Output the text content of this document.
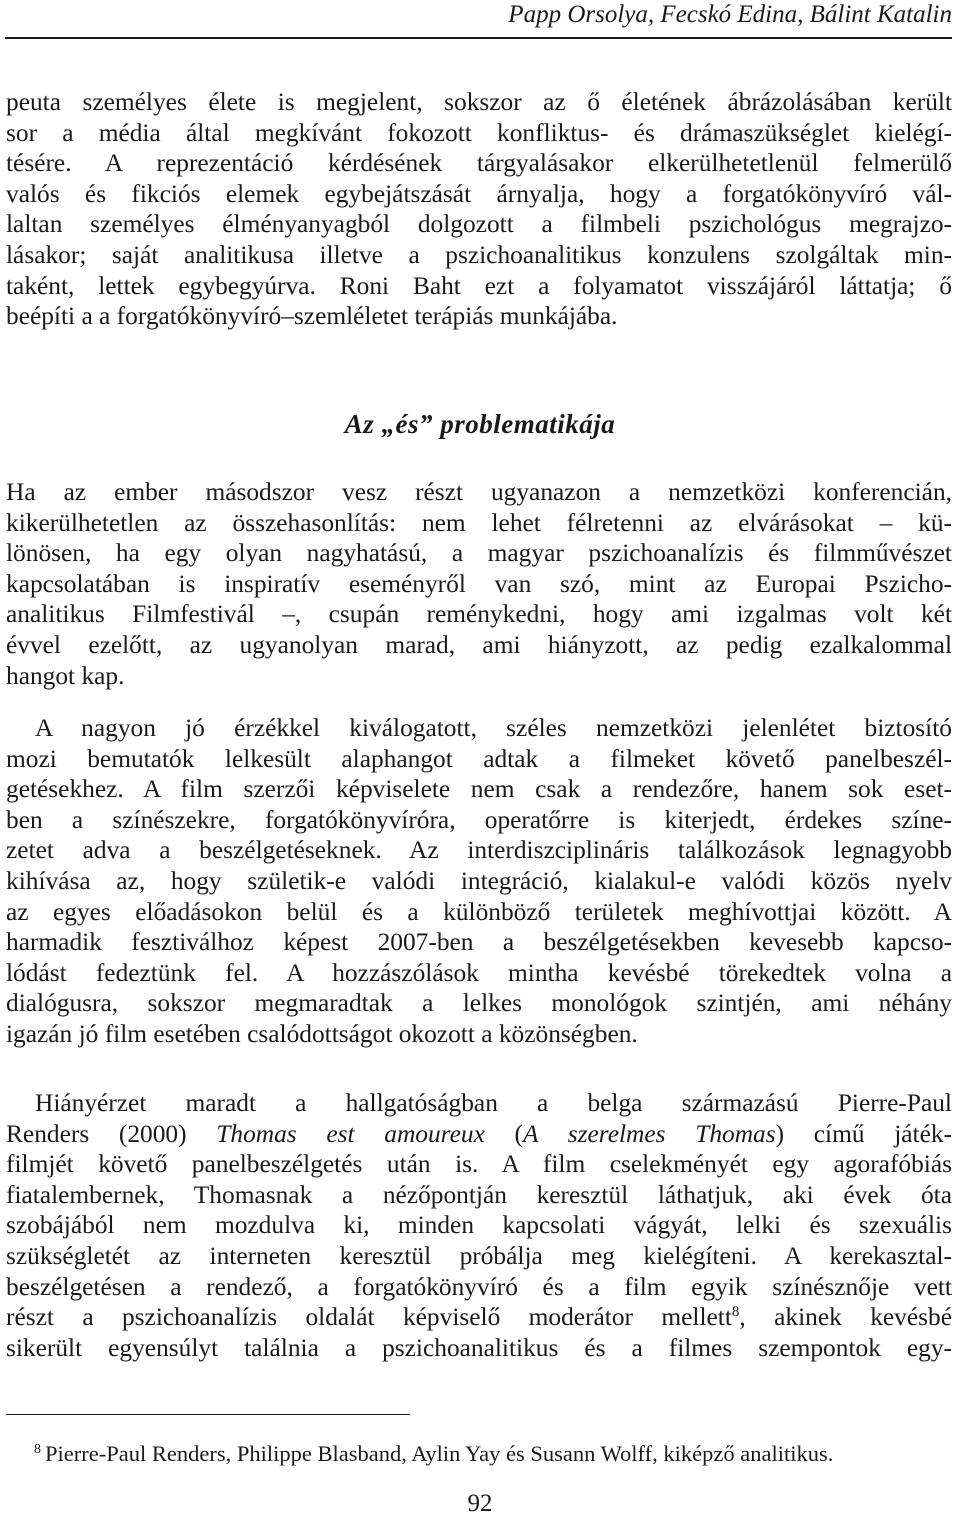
Papp Orsolya, Fecskó Edina, Bálint Katalin
peuta személyes élete is megjelent, sokszor az ő életének ábrázolásában került
sor a média által megkívánt fokozott konfliktus- és drámaszükséglet kielégí-
tésére. A reprezentáció kérdésének tárgyalásakor elkerülhetetlenül felmerülő
valós és fikciós elemek egybejátszását árnyalja, hogy a forgatókönyvíró vál-
laltan személyes élményanyagból dolgozott a filmbeli pszichológus megrajzo-
lásakor; saját analitikusa illetve a pszichoanalitikus konzulens szolgáltak min-
taként, lettek egybegyúrva. Roni Baht ezt a folyamatot visszájáról láttatja; ő
beépíti a a forgatókönyvíró–szemléletet terápiás munkájába.
Az „és” problematikája
Ha az ember másodszor vesz részt ugyanazon a nemzetközi konferencián,
kikerülhetetlen az összehasonlítás: nem lehet félretenni az elvárásokat – kü-
lönösen, ha egy olyan nagyhatású, a magyar pszichoanalízis és filmművészet
kapcsolatában is inspiratív eseményről van szó, mint az Europai Pszicho-
analitikus Filmfestivál –, csupán reménykedni, hogy ami izgalmas volt két
évvel ezelőtt, az ugyanolyan marad, ami hiányzott, az pedig ezalkalommal
hangot kap.
A nagyon jó érzékkel kiválogatott, széles nemzetközi jelenlétet biztosító
mozi bemutatók lelkesült alaphangot adtak a filmeket követő panelbeszél-
getésekhez. A film szerzői képviselete nem csak a rendezőre, hanem sok eset-
ben a színészekre, forgatókönyvíróra, operatőrre is kiterjedt, érdekes színe-
zetet adva a beszélgetéseknek. Az interdiszciplináris találkozások legnagyobb
kihívása az, hogy születik-e valódi integráció, kialakul-e valódi közös nyelv
az egyes előadásokon belül és a különböző területek meghívottjai között. A
harmadik fesztiválhoz képest 2007-ben a beszélgetésekben kevesebb kapcso-
lódást fedeztünk fel. A hozzászólások mintha kevésbé törekedtek volna a
dialógusra, sokszor megmaradtak a lelkes monológok szintjén, ami néhány
igazán jó film esetében csalódottságot okozott a közönségben.
Hiányérzet maradt a hallgatóságban a belga származású Pierre-Paul
Renders (2000) Thomas est amoureux (A szerelmes Thomas) című játék-
filmjét követő panelbeszélgetés után is. A film cselekményét egy agorafóbiás
fiatalembernek, Thomasnak a nézőpontján keresztül láthatjuk, aki évek óta
szobájából nem mozdulva ki, minden kapcsolati vágyát, lelki és szexuális
szükségletét az interneten keresztül próbálja meg kielégíteni. A kerekasztal-
beszélgetésen a rendező, a forgatókönyvíró és a film egyik színésznője vett
részt a pszichoanalízis oldalát képviselő moderátor mellett$^8$, akinek kevésbé
sikerült egyensúlyt találnia a pszichoanalitikus és a filmes szempontok egy-
$^8$ Pierre-Paul Renders, Philippe Blasband, Aylin Yay és Susann Wolff, kiképző analitikus.
92
